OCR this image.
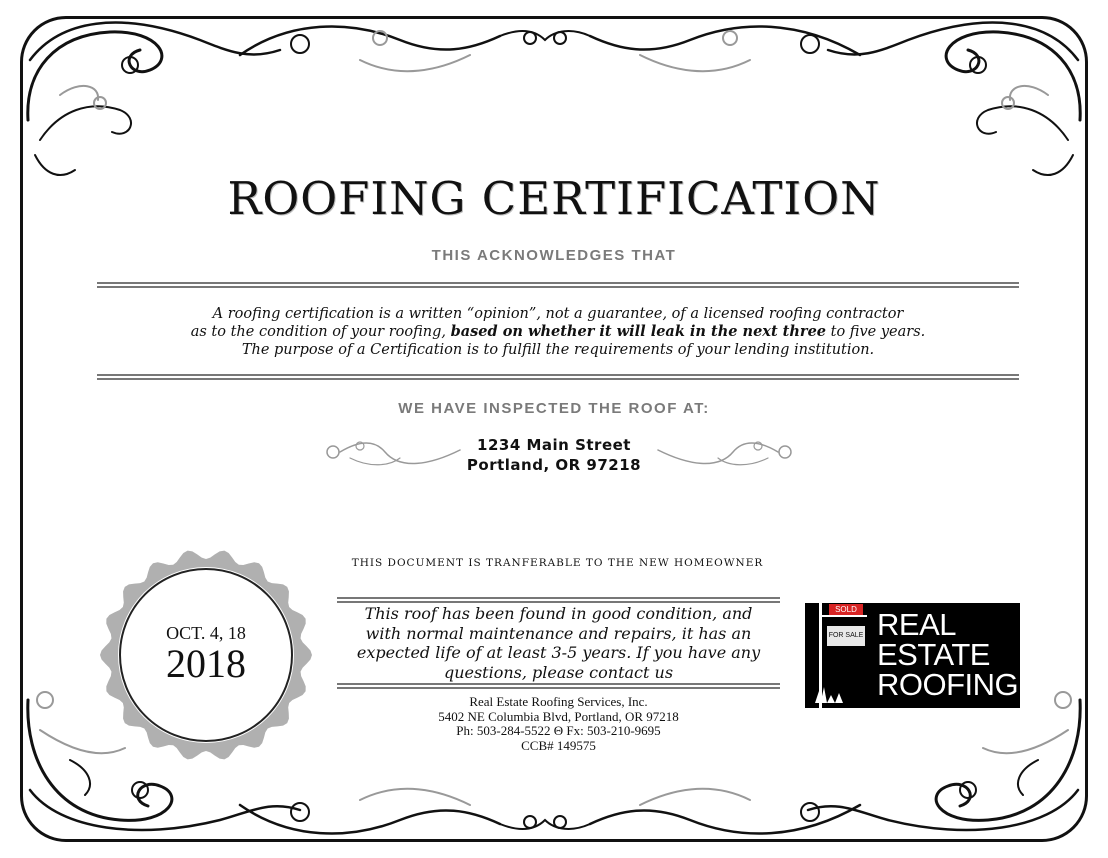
ROOFING CERTIFICATION
THIS ACKNOWLEDGES THAT
A roofing certification is a written “opinion”, not a guarantee, of a licensed roofing contractor
as to the condition of your roofing, based on whether it will leak in the next three to five years.
The purpose of a Certification is to fulfill the requirements of your lending institution.
WE HAVE INSPECTED THE ROOF AT:
1234 Main Street
Portland, OR 97218
THIS DOCUMENT IS TRANFERABLE TO THE NEW HOMEOWNER
This roof has been found in good condition, and
with normal maintenance and repairs, it has an
expected life of at least 3-5 years. If you have any
questions, please contact us
Real Estate Roofing Services, Inc.
5402 NE Columbia Blvd, Portland, OR 97218
Ph: 503-284-5522 Θ Fx: 503-210-9695
CCB# 149575
OCT. 4, 18
2018
SOLD
FOR SALE REAL
ESTATE
ROOFING
